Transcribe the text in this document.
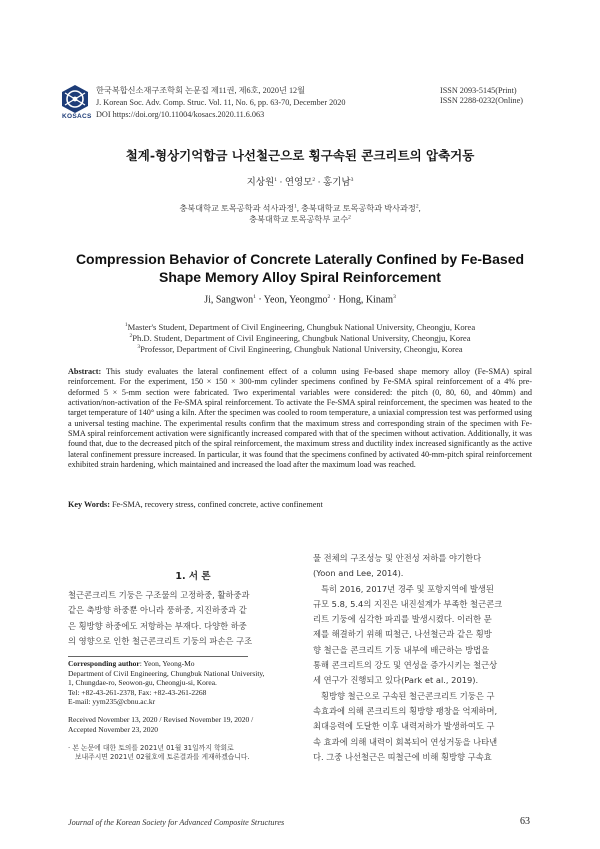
KOSACS
한국복합신소재구조학회 논문집 제11권, 제6호, 2020년 12월
J. Korean Soc. Adv. Comp. Struc. Vol. 11, No. 6, pp. 63-70, December 2020
DOI https://doi.org/10.11004/kosacs.2020.11.6.063
ISSN 2093-5145(Print)
ISSN 2288-0232(Online)
철계-형상기억합금 나선철근으로 횡구속된 콘크리트의 압축거동
지상원$^1$ · 연영모$^2$ · 홍기남$^3$
충북대학교 토목공학과 석사과정$^1$, 충북대학교 토목공학과 박사과정$^2$,
충북대학교 토목공학부 교수$^2$
Compression Behavior of Concrete Laterally Confined by Fe-Based
Shape Memory Alloy Spiral Reinforcement
Ji, Sangwon$^1$ · Yeon, Yeongmo$^2$ · Hong, Kinam$^3$
$^1$Master's Student, Department of Civil Engineering, Chungbuk National University, Cheongju, Korea
$^2$Ph.D. Student, Department of Civil Engineering, Chungbuk National University, Cheongju, Korea
$^3$Professor, Department of Civil Engineering, Chungbuk National University, Cheongju, Korea
Abstract: This study evaluates the lateral confinement effect of a column using Fe-based shape memory alloy (Fe-SMA) spiral reinforcement. For the experiment, 150 × 150 × 300-mm cylinder specimens confined by Fe-SMA spiral reinforcement of a 4% pre-deformed 5 × 5-mm section were fabricated. Two experimental variables were considered: the pitch (0, 80, 60, and 40mm) and activation/non-activation of the Fe-SMA spiral reinforcement. To activate the Fe-SMA spiral reinforcement, the specimen was heated to the target temperature of 140° using a kiln. After the specimen was cooled to room temperature, a uniaxial compression test was performed using a universal testing machine. The experimental results confirm that the maximum stress and corresponding strain of the specimen with Fe-SMA spiral reinforcement activation were significantly increased compared with that of the specimen without activation. Additionally, it was found that, due to the decreased pitch of the spiral reinforcement, the maximum stress and ductility index increased significantly as the active lateral confinement pressure increased. In particular, it was found that the specimens confined by activated 40-mm-pitch spiral reinforcement exhibited strain hardening, which maintained and increased the load after the maximum load was reached.
Key Words: Fe-SMA, recovery stress, confined concrete, active confinement
1. 서 론
철근콘크리트 기둥은 구조물의 고정하중, 활하중과
같은 축방향 하중뿐 아니라 풍하중, 지진하중과 같
은 횡방향 하중에도 저항하는 부재다. 다양한 하중
의 영향으로 인한 철근콘크리트 기둥의 파손은 구조
물 전체의 구조성능 및 안전성 저하를 야기한다
(Yoon and Lee, 2014).
특히 2016, 2017년 경주 및 포항지역에 발생된
규모 5.8, 5.4의 지진은 내진설계가 부족한 철근콘크
리트 기둥에 심각한 파괴를 발생시켰다. 이러한 문
제를 해결하기 위해 띠철근, 나선철근과 같은 횡방
향 철근을 콘크리트 기둥 내부에 배근하는 방법을
통해 콘크리트의 강도 및 연성을 증가시키는 철근상
세 연구가 진행되고 있다(Park et al., 2019).
횡방향 철근으로 구속된 철근콘크리트 기둥은 구
속효과에 의해 콘크리트의 횡방향 팽창을 억제하며,
최대응력에 도달한 이후 내력저하가 발생하여도 구
속 효과에 의해 내력이 회복되어 연성거동을 나타낸
다. 그중 나선철근은 띠철근에 비해 횡방향 구속효
Corresponding author: Yeon, Yeong-Mo
Department of Civil Engineering, Chungbuk National University,
1, Chungdae-ro, Seowon-gu, Cheongju-si, Korea.
Tel: +82-43-261-2378, Fax: +82-43-261-2268
E-mail: yym235@cbnu.ac.kr
Received November 13, 2020 / Revised November 19, 2020 /
Accepted November 23, 2020
· 본 논문에 대한 토의를 2021년 01월 31일까지 학회로
보내주시면 2021년 02월호에 토론결과를 게재하겠습니다.
Journal of the Korean Society for Advanced Composite Structures	63
